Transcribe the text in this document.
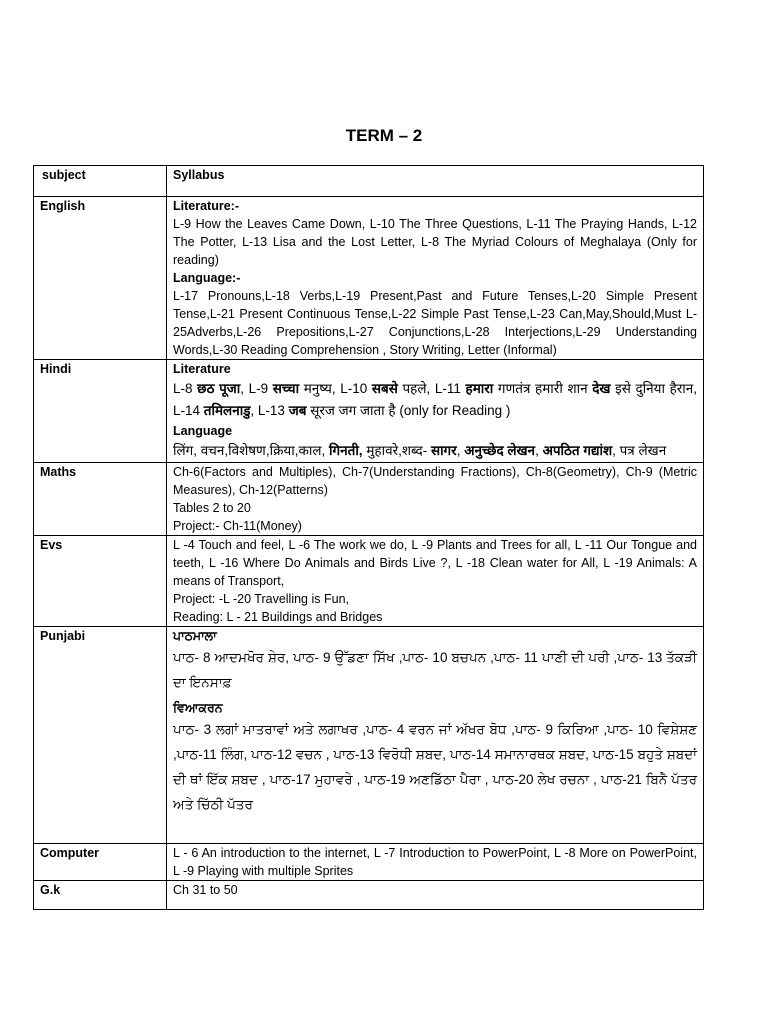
TERM – 2
subject	Syllabus
English	Literature:-
L-9 How the Leaves Came Down, L-10 The Three Questions, L-11 The Praying Hands, L-12 The Potter, L-13 Lisa and the Lost Letter, L-8 The Myriad Colours of Meghalaya (Only for reading)
Language:-
L-17 Pronouns,L-18 Verbs,L-19 Present,Past and Future Tenses,L-20 Simple Present Tense,L-21 Present Continuous Tense,L-22 Simple Past Tense,L-23 Can,May,Should,Must L-25Adverbs,L-26 Prepositions,L-27 Conjunctions,L-28 Interjections,L-29 Understanding Words,L-30 Reading Comprehension , Story Writing, Letter (Informal)

Hindi	Literature
L-8 छठ पूजा, L-9 सच्चा मनुष्य, L-10 सबसे पहले, L-11 हमारा गणतंत्र हमारी शान देख इसे दुनिया हैरान, L-14 तमिलनाडु, L-13 जब सूरज जग जाता है (only for Reading )
Language
लिंग, वचन,विशेषण,क्रिया,काल, गिनती, मुहावरे,शब्द- सागर, अनुच्छेद लेखन, अपठित गद्यांश, पत्र लेखन

Maths	Ch-6(Factors and Multiples), Ch-7(Understanding Fractions), Ch-8(Geometry), Ch-9 (Metric Measures), Ch-12(Patterns)
Tables 2 to 20
Project:- Ch-11(Money)

Evs	L -4 Touch and feel, L -6 The work we do, L -9 Plants and Trees for all, L -11 Our Tongue and teeth, L -16 Where Do Animals and Birds Live ?, L -18 Clean water for All, L -19 Animals: A means of Transport,
Project: -L -20 Travelling is Fun,
Reading: L - 21 Buildings and Bridges

Punjabi	ਪਾਠਮਾਲਾ
ਪਾਠ- 8 ਆਦਮਖੋਰ ਸ਼ੇਰ, ਪਾਠ- 9 ਉੱਡਣਾ ਸਿੱਖ ,ਪਾਠ- 10 ਬਚਪਨ ,ਪਾਠ- 11 ਪਾਣੀ ਦੀ ਪਰੀ ,ਪਾਠ- 13 ਤੱਕੜੀ ਦਾ ਇਨਸਾਫ਼
ਵਿਆਕਰਨ
ਪਾਠ- 3 ਲਗਾਂ ਮਾਤਰਾਵਾਂ ਅਤੇ ਲਗਾਖਰ ,ਪਾਠ- 4 ਵਰਨ ਜਾਂ ਅੱਖਰ ਬੋਧ ,ਪਾਠ- 9 ਕਿਰਿਆ ,ਪਾਠ- 10 ਵਿਸ਼ੇਸ਼ਣ ,ਪਾਠ-11 ਲਿੰਗ, ਪਾਠ-12 ਵਚਨ , ਪਾਠ-13 ਵਿਰੋਧੀ ਸ਼ਬਦ, ਪਾਠ-14 ਸਮਾਨਾਰਥਕ ਸ਼ਬਦ, ਪਾਠ-15 ਬਹੁਤੇ ਸ਼ਬਦਾਂ ਦੀ ਥਾਂ ਇੱਕ ਸ਼ਬਦ , ਪਾਠ-17 ਮੁਹਾਵਰੇ , ਪਾਠ-19 ਅਣਡਿੱਠਾ ਪੈਰਾ , ਪਾਠ-20 ਲੇਖ ਰਚਨਾ , ਪਾਠ-21 ਬਿਨੈ ਪੱਤਰ ਅਤੇ ਚਿੱਠੀ ਪੱਤਰ

Computer	L - 6 An introduction to the internet, L -7 Introduction to PowerPoint, L -8 More on PowerPoint, L -9 Playing with multiple Sprites
G.k	Ch 31 to 50
